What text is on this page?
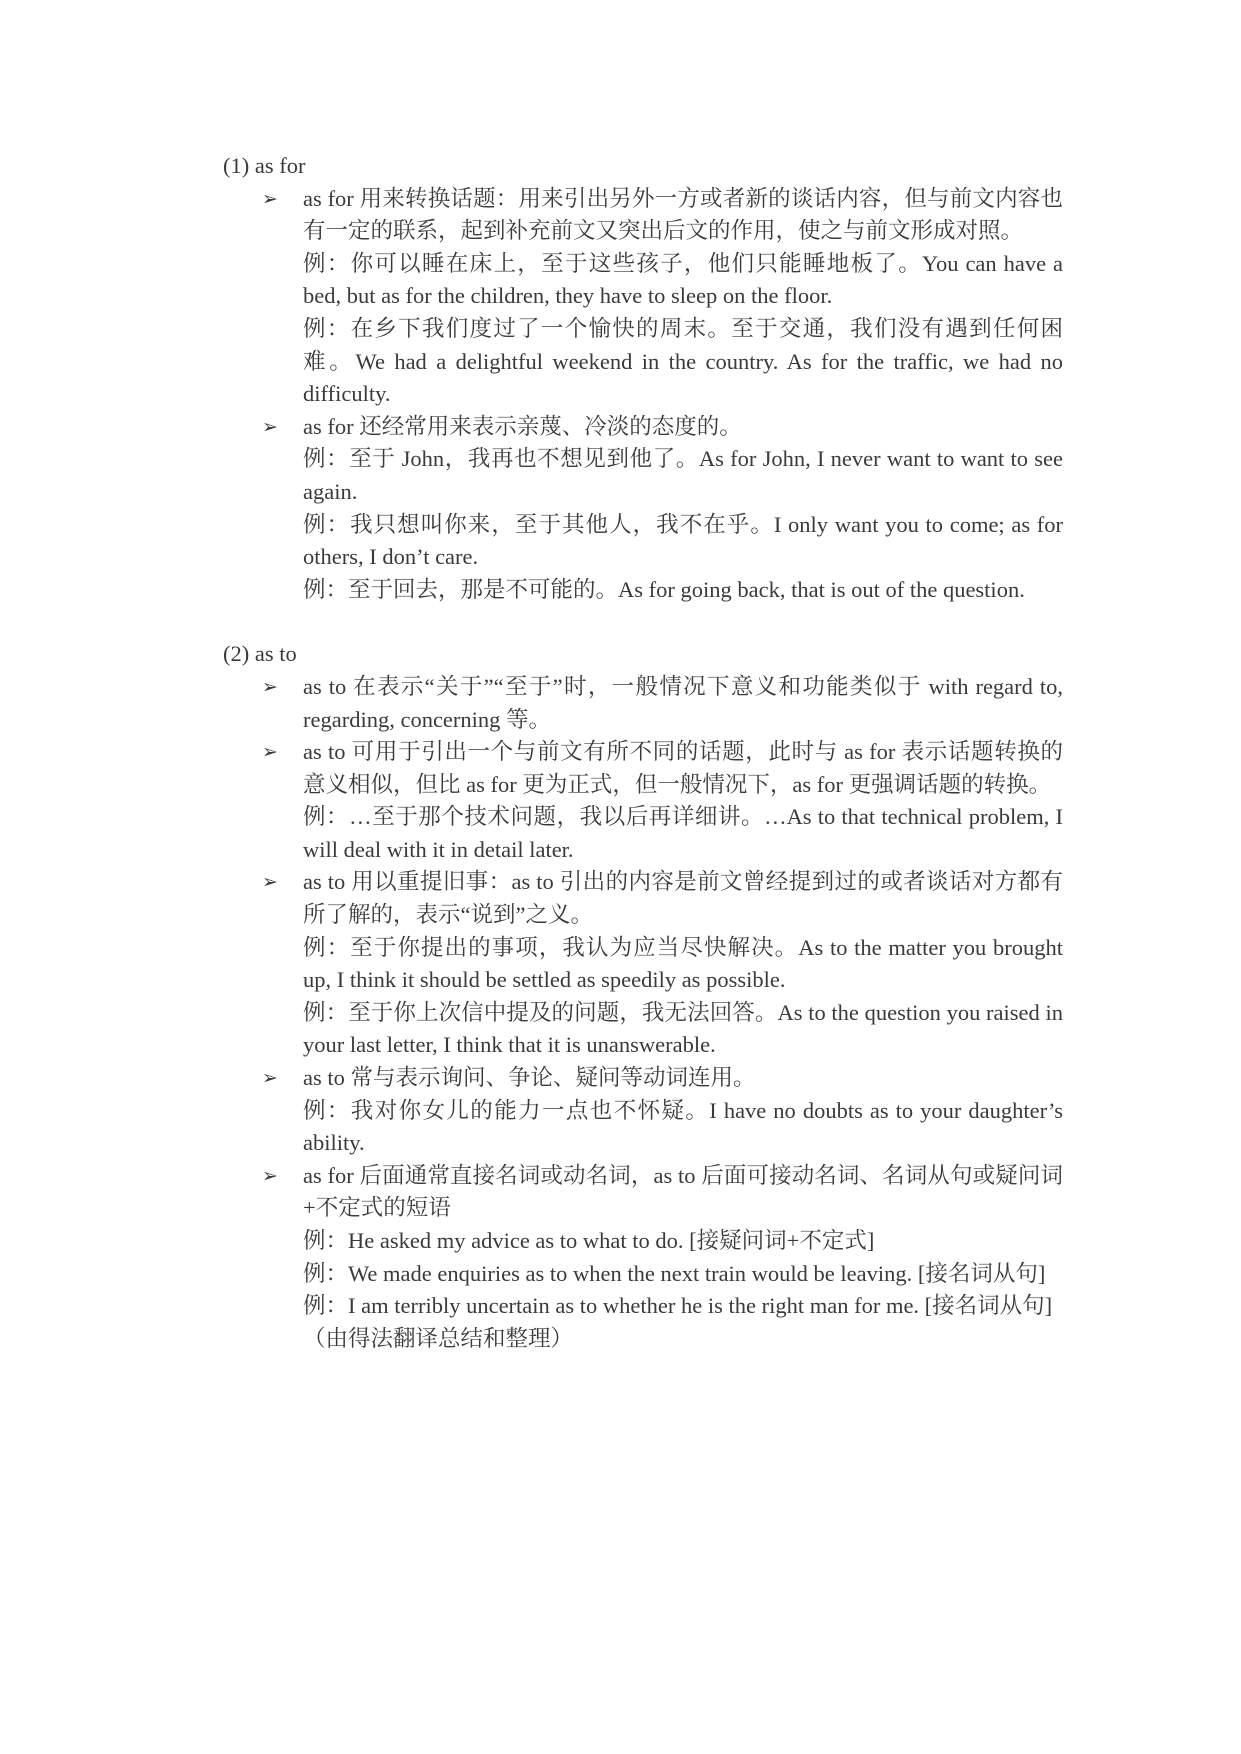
(1) as for
➢ as for 用来转换话题：用来引出另外一方或者新的谈话内容，但与前文内容也有一定的联系，起到补充前文又突出后文的作用，使之与前文形成对照。
例：你可以睡在床上，至于这些孩子，他们只能睡地板了。You can have a bed, but as for the children, they have to sleep on the floor.
例：在乡下我们度过了一个愉快的周末。至于交通，我们没有遇到任何困难。We had a delightful weekend in the country. As for the traffic, we had no difficulty.
➢ as for 还经常用来表示亲蔑、冷淡的态度的。
例：至于 John，我再也不想见到他了。As for John, I never want to want to see again.
例：我只想叫你来，至于其他人，我不在乎。I only want you to come; as for others, I don’t care.
例：至于回去，那是不可能的。As for going back, that is out of the question.
(2) as to
➢ as to 在表示“关于”“至于”时，一般情况下意义和功能类似于 with regard to, regarding, concerning 等。
➢ as to 可用于引出一个与前文有所不同的话题，此时与 as for 表示话题转换的意义相似，但比 as for 更为正式，但一般情况下，as for 更强调话题的转换。
例：…至于那个技术问题，我以后再详细讲。…As to that technical problem, I will deal with it in detail later.
➢ as to 用以重提旧事：as to 引出的内容是前文曾经提到过的或者谈话对方都有所了解的，表示“说到”之义。
例：至于你提出的事项，我认为应当尽快解决。As to the matter you brought up, I think it should be settled as speedily as possible.
例：至于你上次信中提及的问题，我无法回答。As to the question you raised in your last letter, I think that it is unanswerable.
➢ as to 常与表示询问、争论、疑问等动词连用。
例：我对你女儿的能力一点也不怀疑。I have no doubts as to your daughter’s ability.
➢ as for 后面通常直接名词或动名词，as to 后面可接动名词、名词从句或疑问词+不定式的短语
例：He asked my advice as to what to do. [接疑问词+不定式]
例：We made enquiries as to when the next train would be leaving. [接名词从句]
例：I am terribly uncertain as to whether he is the right man for me. [接名词从句]
（由得法翻译总结和整理）
